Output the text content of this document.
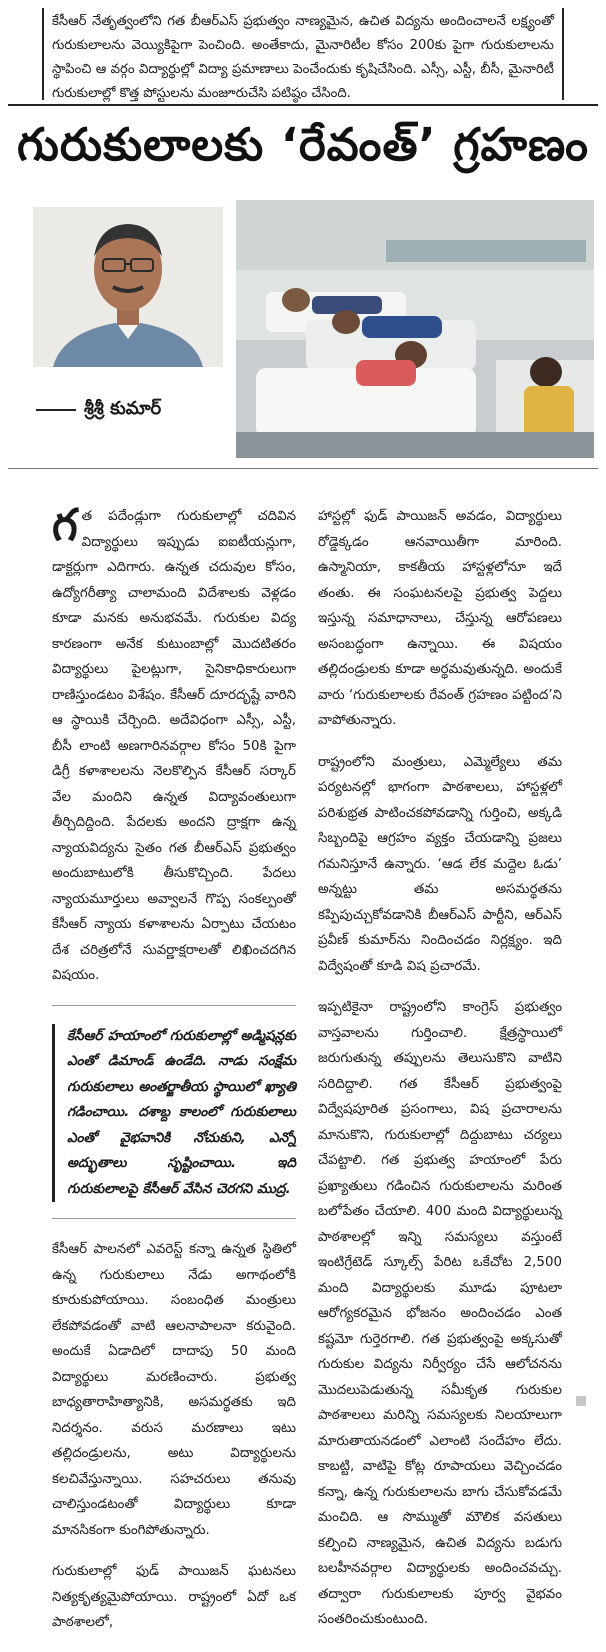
కేసీఆర్ నేతృత్వంలోని గత బీఆర్ఎస్ ప్రభుత్వం నాణ్యమైన, ఉచిత విద్యను అందించాలనే లక్ష్యంతో గురుకులాలను వెయ్యికిపైగా పెంచింది. అంతేకాదు, మైనారిటీల కోసం 200కు పైగా గురుకులాలను స్థాపించి ఆ వర్గం విద్యార్థుల్లో విద్యా ప్రమాణాలు పెంచేందుకు కృషిచేసింది. ఎస్సీ, ఎస్టీ, బీసీ, మైనారిటీ గురుకులాల్లో కొత్త పోస్టులను మంజూరుచేసి పటిష్ఠం చేసింది.
గురుకులాలకు ‘రేవంత్’ గ్రహణం
శ్రీశ్రీ కుమార్

గత పదేండ్లుగా గురుకులాల్లో చదివిన విద్యార్థులు ఇప్పుడు ఐఐటీయన్లుగా, డాక్టర్లుగా ఎదిగారు. ఉన్నత చదువుల కోసం, ఉద్యోగరీత్యా చాలామంది విదేశాలకు వెళ్లడం కూడా మనకు అనుభవమే. గురుకుల విద్య కారణంగా అనేక కుటుంబాల్లో మొదటితరం విద్యార్థులు పైలట్లుగా, సైనికాధికారులుగా రాణిస్తుండటం విశేషం. కేసీఆర్ దూరదృష్టే వారిని ఆ స్థాయికి చేర్చింది. అదేవిధంగా ఎస్సీ, ఎస్టీ, బీసీ లాంటి అణగారినవర్గాల కోసం 50కి పైగా డిగ్రీ కళాశాలలను నెలకొల్పిన కేసీఆర్ సర్కార్ వేల మందిని ఉన్నత విద్యావంతులుగా తీర్చిదిద్దింది. పేదలకు అందని ద్రాక్షగా ఉన్న న్యాయవిద్యను సైతం గత బీఆర్ఎస్ ప్రభుత్వం అందుబాటులోకి తీసుకొచ్చింది. పేదలు న్యాయమూర్తులు అవ్వాలనే గొప్ప సంకల్పంతో కేసీఆర్ న్యాయ కళాశాలను ఏర్పాటు చేయటం దేశ చరిత్రలోనే సువర్ణాక్షరాలతో లిఖించదగిన విషయం.

కేసీఆర్ హయాంలో గురుకులాల్లో అడ్మిషన్లకు ఎంతో డిమాండ్ ఉండేది. నాడు సంక్షేమ గురుకులాలు అంతర్జాతీయ స్థాయిలో ఖ్యాతి గడించాయి. దశాబ్ద కాలంలో గురుకులాలు ఎంతో వైభవానికి నోచుకుని, ఎన్నో అద్భుతాలు సృష్టించాయి. ఇది గురుకులాలపై కేసీఆర్ వేసిన చెరగని ముద్ర.

కేసీఆర్ పాలనలో ఎవరెస్ట్ కన్నా ఉన్నత స్థితిలో ఉన్న గురుకులాలు నేడు అగాథంలోకి కూరుకుపోయాయి. సంబంధిత మంత్రులు లేకపోవడంతో వాటి ఆలనాపాలనా కరువైంది. అందుకే ఏడాదిలో దాదాపు 50 మంది విద్యార్థులు మరణించారు. ప్రభుత్వ బాధ్యతారాహిత్యానికి, అసమర్థతకు ఇది నిదర్శనం. వరుస మరణాలు ఇటు తల్లిదండ్రులను, అటు విద్యార్థులను కలచివేస్తున్నాయి. సహచరులు తనువు చాలిస్తుండటంతో విద్యార్థులు కూడా మానసికంగా కుంగిపోతున్నారు.

గురుకులాల్లో ఫుడ్ పాయిజన్ ఘటనలు నిత్యకృత్యమైపోయాయి. రాష్ట్రంలో ఏదో ఒక పాఠశాలలో,

హాస్టల్లో ఫుడ్ పాయిజన్ అవడం, విద్యార్థులు రోడ్డెక్కడం ఆనవాయితీగా మారింది. ఉస్మానియా, కాకతీయ హాస్టళ్లలోనూ ఇదే తంతు. ఈ సంఘటనలపై ప్రభుత్వ పెద్దలు ఇస్తున్న సమాధానాలు, చేస్తున్న ఆరోపణలు అసంబద్ధంగా ఉన్నాయి. ఈ విషయం తల్లిదండ్రులకు కూడా అర్థమవుతున్నది. అందుకే వారు ‘గురుకులాలకు రేవంత్ గ్రహణం పట్టింద’ని వాపోతున్నారు.

రాష్ట్రంలోని మంత్రులు, ఎమ్మెల్యేలు తమ పర్యటనల్లో భాగంగా పాఠశాలలు, హాస్టళ్లలో పరిశుభ్రత పాటించకపోవడాన్ని గుర్తించి, అక్కడి సిబ్బందిపై ఆగ్రహం వ్యక్తం చేయడాన్ని ప్రజలు గమనిస్తూనే ఉన్నారు. ‘ఆడ లేక మద్దెల ఓడు’ అన్నట్టు తమ అసమర్థతను కప్పిపుచ్చుకోవడానికి బీఆర్ఎస్ పార్టీని, ఆర్ఎస్ ప్రవీణ్ కుమార్‌ను నిందించడం నిర్లక్ష్యం. ఇది విద్వేషంతో కూడి విష ప్రచారమే.

ఇప్పటికైనా రాష్ట్రంలోని కాంగ్రెస్ ప్రభుత్వం వాస్తవాలను గుర్తించాలి. క్షేత్రస్థాయిలో జరుగుతున్న తప్పులను తెలుసుకొని వాటిని సరిదిద్దాలి. గత కేసీఆర్ ప్రభుత్వంపై విద్వేషపూరిత ప్రసంగాలు, విష ప్రచారాలను మానుకొని, గురుకులాల్లో దిద్దుబాటు చర్యలు చేపట్టాలి. గత ప్రభుత్వ హయాంలో పేరు ప్రఖ్యాతులు గడించిన గురుకులాలను మరింత బలోపేతం చేయాలి. 400 మంది విద్యార్థులున్న పాఠశాలల్లో ఇన్ని సమస్యలు వస్తుంటే ఇంటిగ్రేటెడ్ స్కూల్స్ పేరిట ఒకేచోట 2,500 మంది విద్యార్థులకు మూడు పూటలా ఆరోగ్యకరమైన భోజనం అందించడం ఎంత కష్టమో గుర్తెరగాలి. గత ప్రభుత్వంపై అక్కసుతో గురుకుల విద్యను నిర్వీర్యం చేసే ఆలోచనను మొదలుపెడుతున్న సమీకృత గురుకుల పాఠశాలలు మరిన్ని సమస్యలకు నిలయాలుగా మారుతాయనడంలో ఎలాంటి సందేహం లేదు. కాబట్టి, వాటిపై కోట్ల రూపాయలు వెచ్చించడం కన్నా, ఉన్న గురుకులాలను బాగు చేసుకోవడమే మంచిది. ఆ సొమ్ముతో మౌలిక వసతులు కల్పించి నాణ్యమైన, ఉచిత విద్యను బడుగు బలహీనవర్గాల విద్యార్థులకు అందించవచ్చు. తద్వారా గురుకులాలకు పూర్వ వైభవం సంతరించుకుంటుంది.
